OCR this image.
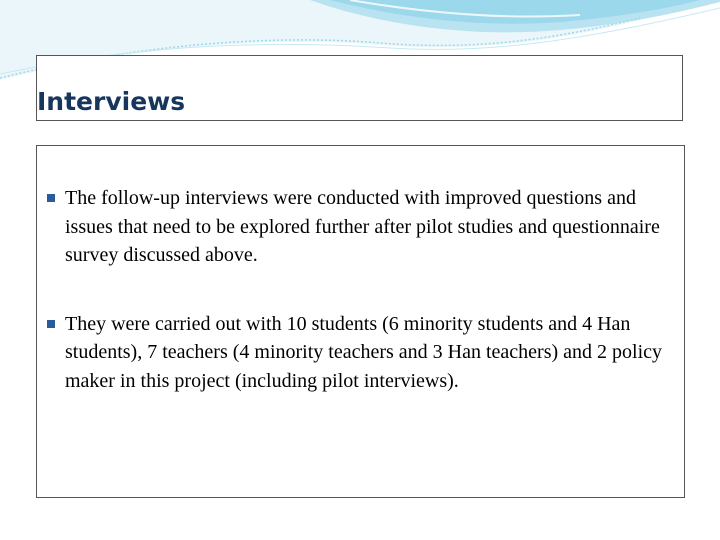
Interviews
The follow-up interviews were conducted with improved questions and issues that need to be explored further after pilot studies and questionnaire survey discussed above.
They were carried out with 10 students (6 minority students and 4 Han students), 7 teachers (4 minority teachers and 3 Han teachers) and 2 policy maker in this project (including pilot interviews).
